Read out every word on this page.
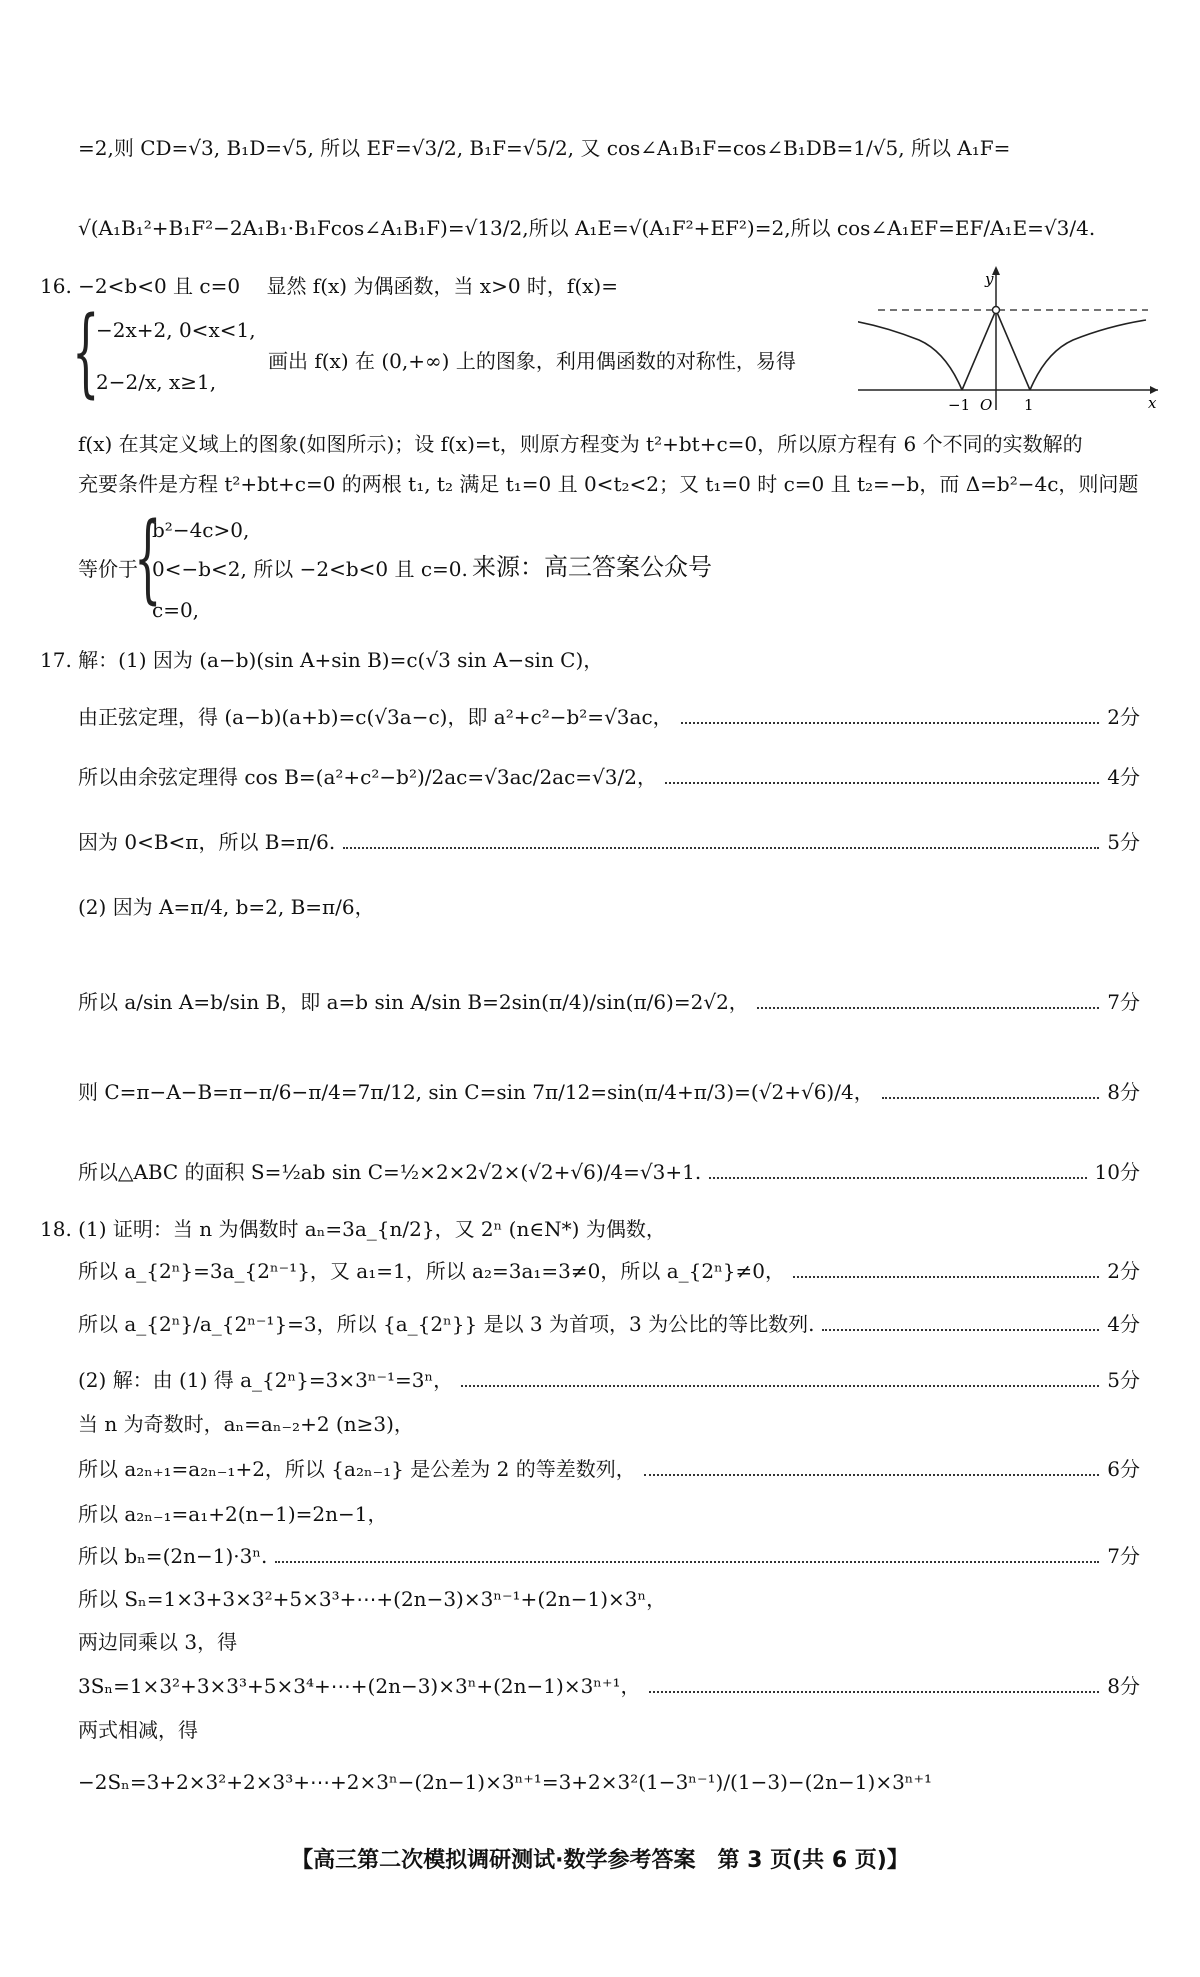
=2,则 CD=√3, B₁D=√5, 所以 EF=√3/2, B₁F=√5/2, 又 cos∠A₁B₁F=cos∠B₁DB=1/√5, 所以 A₁F=
√(A₁B₁²+B₁F²−2A₁B₁·B₁Fcos∠A₁B₁F)=√13/2,所以 A₁E=√(A₁F²+EF²)=2,所以 cos∠A₁EF=EF/A₁E=√3/4.
16. −2<b<0 且 c=0　 显然 f(x) 为偶函数，当 x>0 时，f(x)=
{
−2x+2, 0<x<1,
2−2/x, x≥1,
画出 f(x) 在 (0,+∞) 上的图象，利用偶函数的对称性，易得
y
x
O
−1	1
f(x) 在其定义域上的图象(如图所示)；设 f(x)=t，则原方程变为 t²+bt+c=0，所以原方程有 6 个不同的实数解的
充要条件是方程 t²+bt+c=0 的两根 t₁, t₂ 满足 t₁=0 且 0<t₂<2；又 t₁=0 时 c=0 且 t₂=−b，而 Δ=b²−4c，则问题
等价于
{
b²−4c>0,
0<−b<2, 所以 −2<b<0 且 c=0. 来源：高三答案公众号
c=0,
17. 解：(1) 因为 (a−b)(sin A+sin B)=c(√3 sin A−sin C)，
由正弦定理，得 (a−b)(a+b)=c(√3a−c)，即 a²+c²−b²=√3ac，	2分
所以由余弦定理得 cos B=(a²+c²−b²)/2ac=√3ac/2ac=√3/2，	4分
因为 0<B<π，所以 B=π/6.	5分
(2) 因为 A=π/4, b=2, B=π/6，
所以 a/sin A=b/sin B，即 a=b sin A/sin B=2sin(π/4)/sin(π/6)=2√2，	7分
则 C=π−A−B=π−π/6−π/4=7π/12, sin C=sin 7π/12=sin(π/4+π/3)=(√2+√6)/4，	8分
所以△ABC 的面积 S=½ab sin C=½×2×2√2×(√2+√6)/4=√3+1.	10分
18. (1) 证明：当 n 为偶数时 aₙ=3a_{n/2}，又 2ⁿ (n∈N*) 为偶数，
所以 a_{2ⁿ}=3a_{2ⁿ⁻¹}，又 a₁=1，所以 a₂=3a₁=3≠0，所以 a_{2ⁿ}≠0，	2分
所以 a_{2ⁿ}/a_{2ⁿ⁻¹}=3，所以 {a_{2ⁿ}} 是以 3 为首项，3 为公比的等比数列.	4分
(2) 解：由 (1) 得 a_{2ⁿ}=3×3ⁿ⁻¹=3ⁿ，	5分
当 n 为奇数时，aₙ=aₙ₋₂+2 (n≥3)，
所以 a₂ₙ₊₁=a₂ₙ₋₁+2，所以 {a₂ₙ₋₁} 是公差为 2 的等差数列，	6分
所以 a₂ₙ₋₁=a₁+2(n−1)=2n−1，
所以 bₙ=(2n−1)·3ⁿ.	7分
所以 Sₙ=1×3+3×3²+5×3³+⋯+(2n−3)×3ⁿ⁻¹+(2n−1)×3ⁿ，
两边同乘以 3，得
3Sₙ=1×3²+3×3³+5×3⁴+⋯+(2n−3)×3ⁿ+(2n−1)×3ⁿ⁺¹，	8分
两式相减，得
−2Sₙ=3+2×3²+2×3³+⋯+2×3ⁿ−(2n−1)×3ⁿ⁺¹=3+2×3²(1−3ⁿ⁻¹)/(1−3)−(2n−1)×3ⁿ⁺¹
【高三第二次模拟调研测试·数学参考答案　第 3 页(共 6 页)】
